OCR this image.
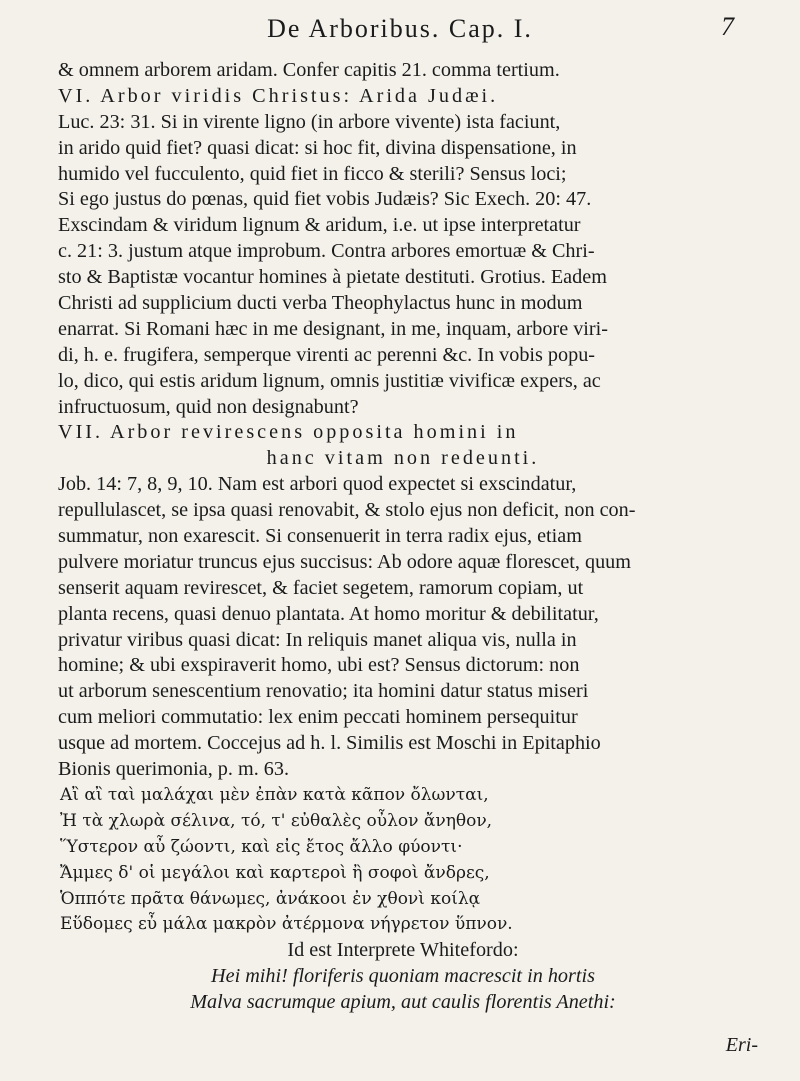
De Arboribus. Cap. I.	7
& omnem arborem aridam. Confer capitis 21. comma tertium.
VI. Arbor viridis Christus: Arida Judæi.
Luc. 23: 31. Si in virente ligno (in arbore vivente) ista faciunt,
in arido quid fiet? quasi dicat: si hoc fit, divina dispensatione, in
humido vel fucculento, quid fiet in ficco & sterili? Sensus loci;
Si ego justus do pœnas, quid fiet vobis Judæis? Sic Exech. 20: 47.
Exscindam & viridum lignum & aridum, i.e. ut ipse interpretatur
c. 21: 3. justum atque improbum. Contra arbores emortuæ & Chri-
sto & Baptistæ vocantur homines à pietate destituti. Grotius. Eadem
Christi ad supplicium ducti verba Theophylactus hunc in modum
enarrat. Si Romani hæc in me designant, in me, inquam, arbore viri-
di, h. e. frugifera, semperque virenti ac perenni &c. In vobis popu-
lo, dico, qui estis aridum lignum, omnis justitiæ vivificæ expers, ac
infructuosum, quid non designabunt?
VII. Arbor revirescens opposita homini in
hanc vitam non redeunti.
Job. 14: 7, 8, 9, 10. Nam est arbori quod expectet si exscindatur,
repullulascet, se ipsa quasi renovabit, & stolo ejus non deficit, non con-
summatur, non exarescit. Si consenuerit in terra radix ejus, etiam
pulvere moriatur truncus ejus succisus: Ab odore aquæ florescet, quum
senserit aquam revirescet, & faciet segetem, ramorum copiam, ut
planta recens, quasi denuo plantata. At homo moritur & debilitatur,
privatur viribus quasi dicat: In reliquis manet aliqua vis, nulla in
homine; & ubi exspiraverit homo, ubi est? Sensus dictorum: non
ut arborum senescentium renovatio; ita homini datur status miseri
cum meliori commutatio: lex enim peccati hominem persequitur
usque ad mortem. Coccejus ad h. l. Similis est Moschi in Epitaphio
Bionis querimonia, p. m. 63.
Αἲ αἲ ταὶ μαλάχαι μὲν ἐπὰν κατὰ κᾶπον ὄλωνται,
Ἠ τὰ χλωρὰ σέλινα, τό, τ' εὐθαλὲς οὖλον ἄνηθον,
Ὕστερον αὖ ζώοντι, καὶ εἰς ἔτος ἄλλο φύοντι·
Ἄμμες δ' οἱ μεγάλοι καὶ καρτεροὶ ἢ σοφοὶ ἄνδρες,
Ὁππότε πρᾶτα θάνωμες, ἀνάκοοι ἐν χθονὶ κοίλᾳ
Εὕδομες εὖ μάλα μακρὸν ἀτέρμονα νήγρετον ὕπνον.
Id est Interprete Whitefordo:
Hei mihi! floriferis quoniam macrescit in hortis
Malva sacrumque apium, aut caulis florentis Anethi:
Eri-
